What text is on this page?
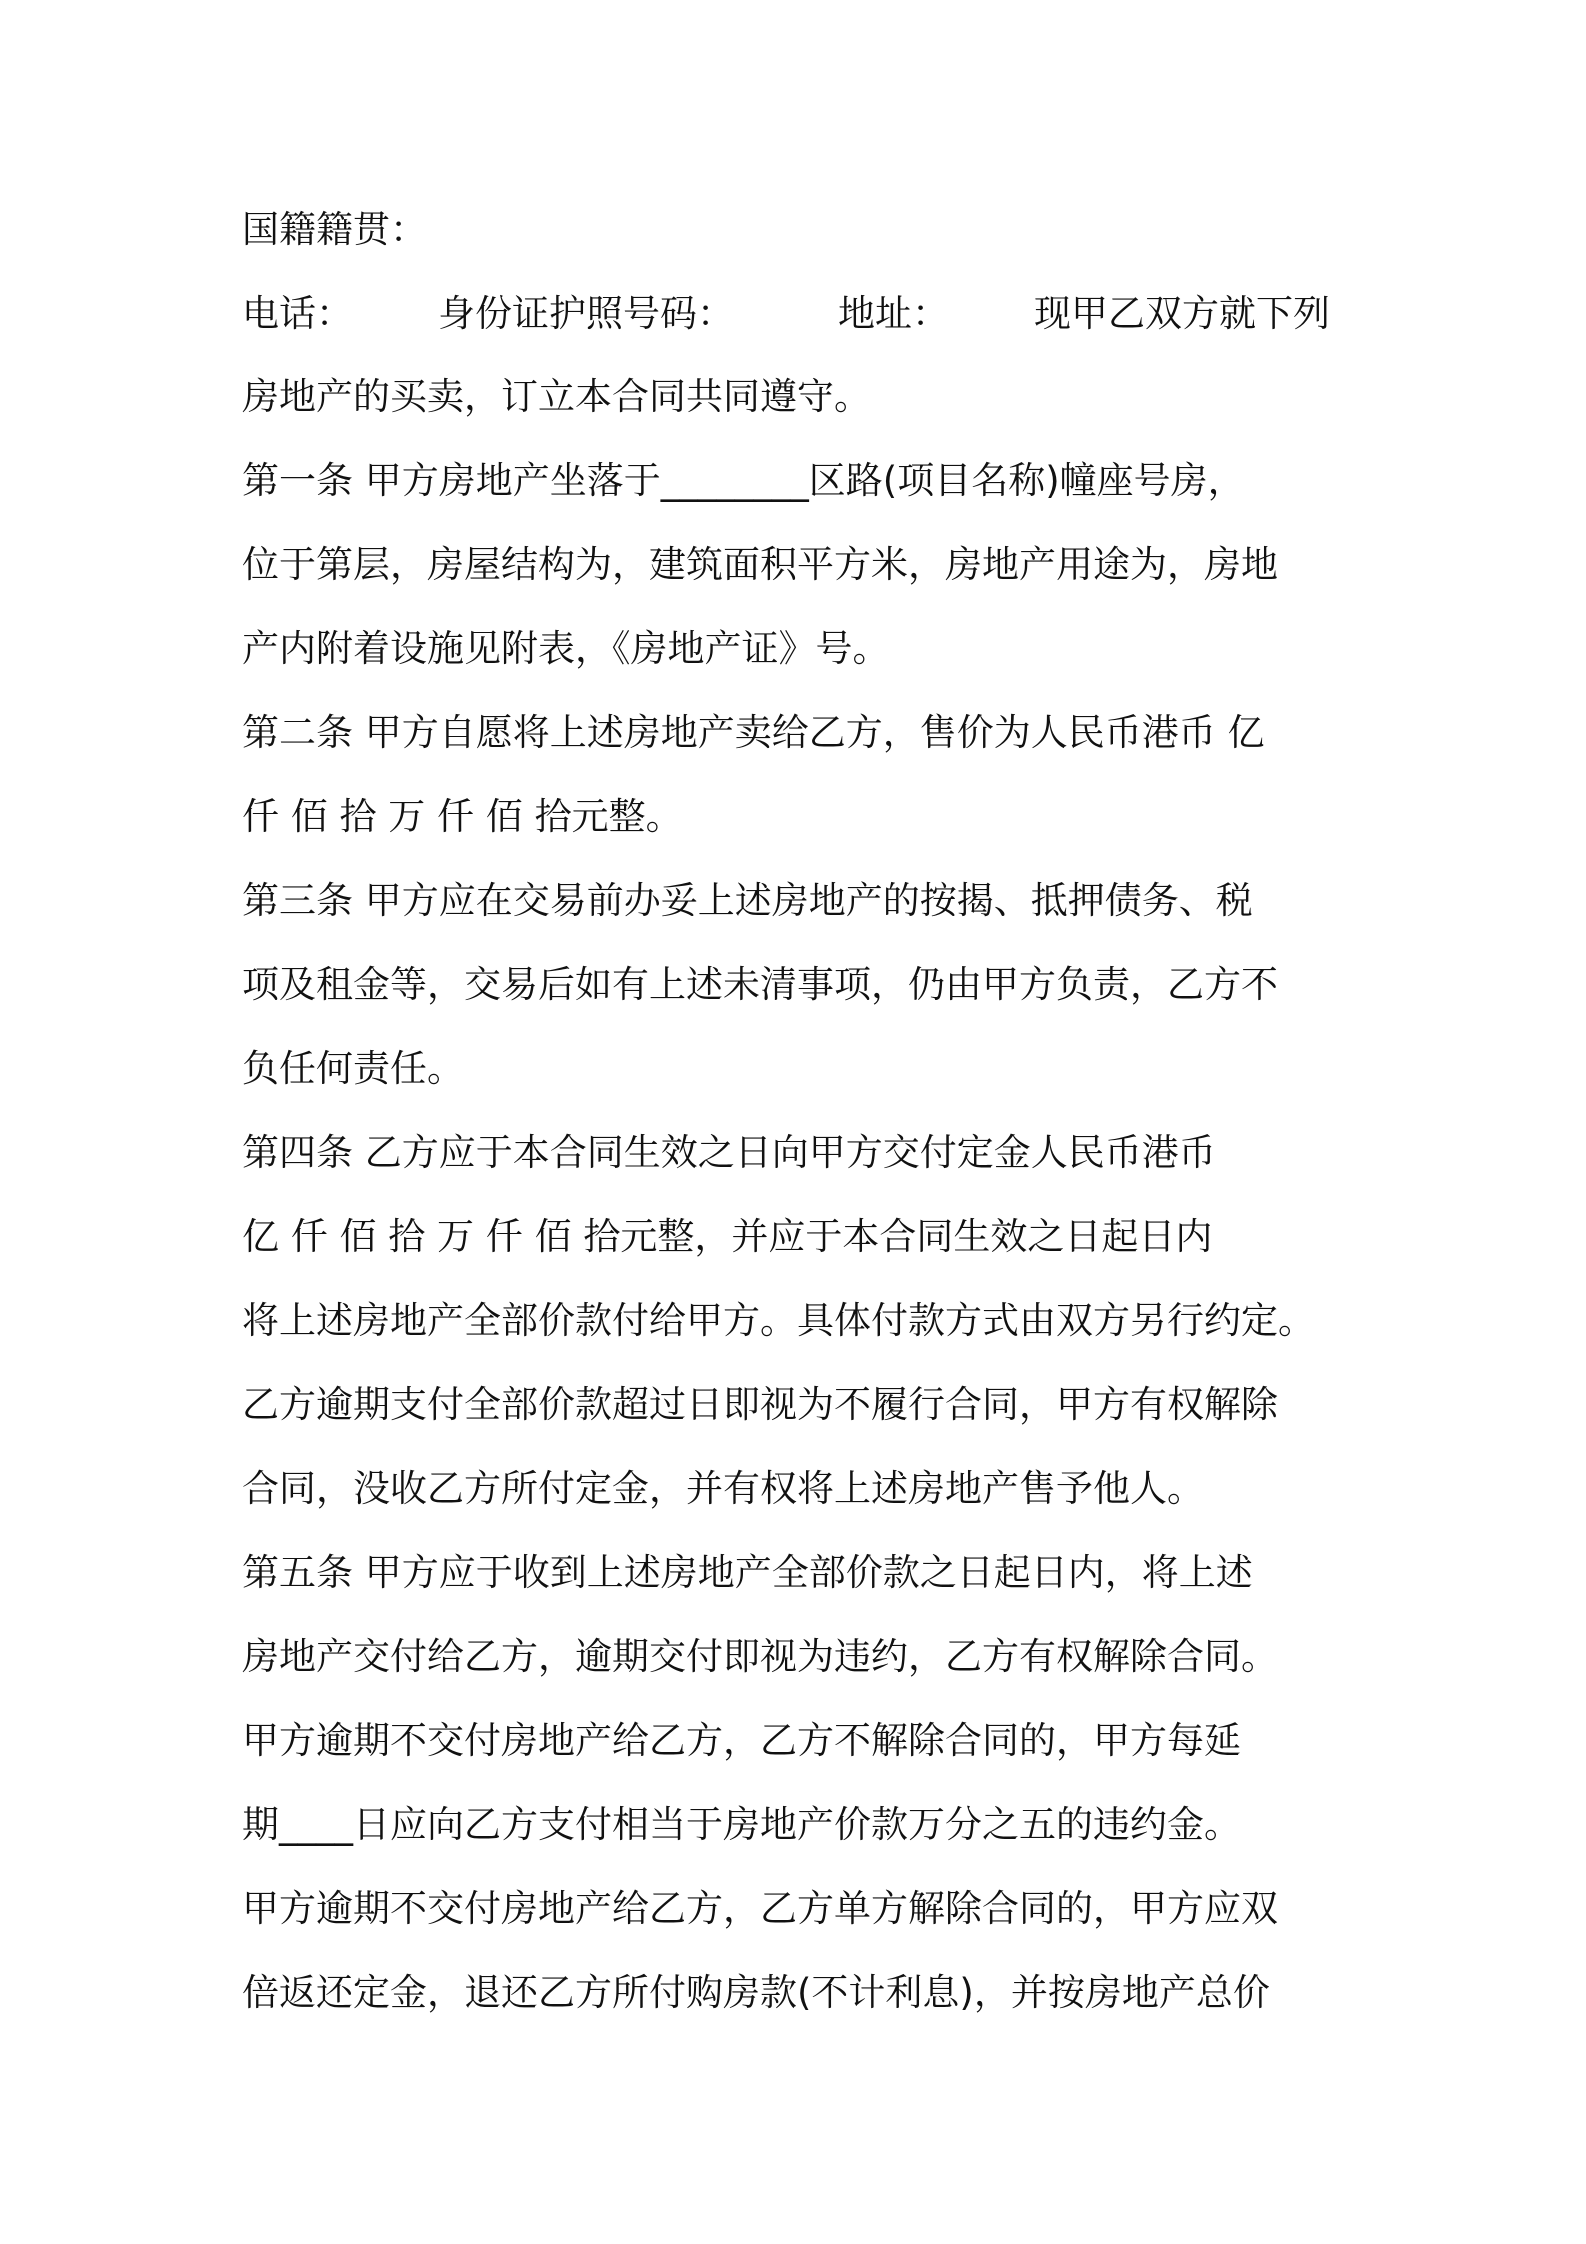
国籍籍贯：
电话： 身份证护照号码：	地址： 现甲乙双方就下列
房地产的买卖，订立本合同共同遵守。
第一条 甲方房地产坐落于________区路(项目名称)幢座号房，
位于第层，房屋结构为，建筑面积平方米，房地产用途为，房地
产内附着设施见附表，《房地产证》号。
第二条 甲方自愿将上述房地产卖给乙方，售价为人民币港币 亿
仟 佰 拾 万 仟 佰 拾元整。
第三条 甲方应在交易前办妥上述房地产的按揭、抵押债务、税
项及租金等，交易后如有上述未清事项，仍由甲方负责，乙方不
负任何责任。
第四条 乙方应于本合同生效之日向甲方交付定金人民币港币
亿 仟 佰 拾 万 仟 佰 拾元整，并应于本合同生效之日起日内
将上述房地产全部价款付给甲方。具体付款方式由双方另行约定。
乙方逾期支付全部价款超过日即视为不履行合同，甲方有权解除
合同，没收乙方所付定金，并有权将上述房地产售予他人。
第五条 甲方应于收到上述房地产全部价款之日起日内，将上述
房地产交付给乙方，逾期交付即视为违约，乙方有权解除合同。
甲方逾期不交付房地产给乙方，乙方不解除合同的，甲方每延
期____日应向乙方支付相当于房地产价款万分之五的违约金。
甲方逾期不交付房地产给乙方，乙方单方解除合同的，甲方应双
倍返还定金，退还乙方所付购房款(不计利息)，并按房地产总价
